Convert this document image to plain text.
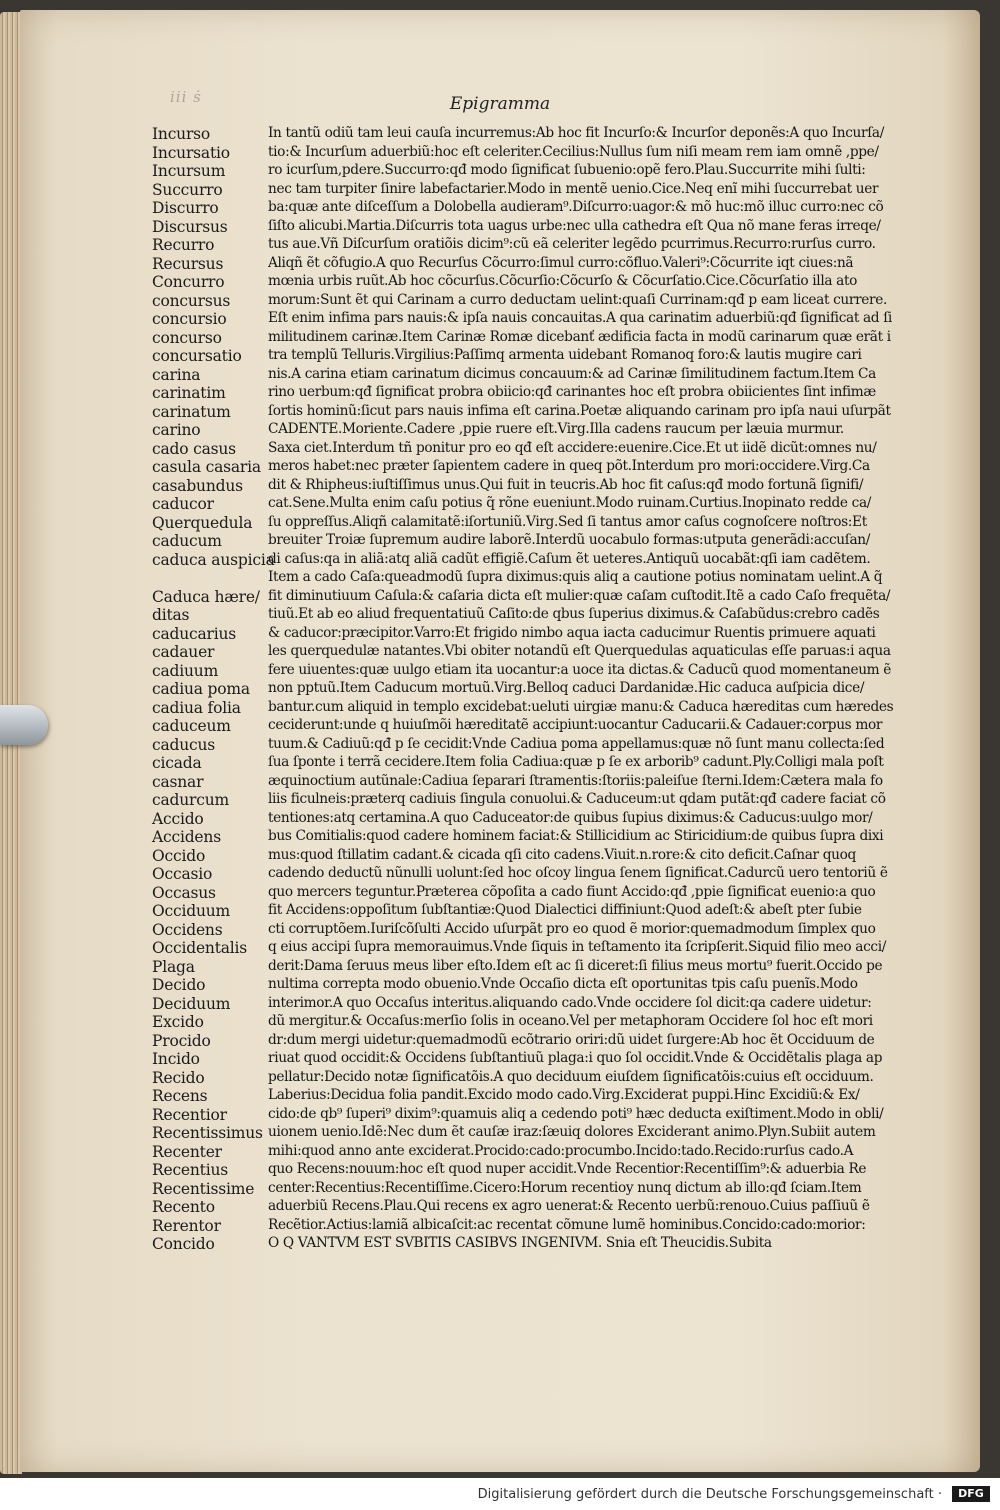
iii ṡ	Epigramma
Incurso
Incursatio
Incursum
Succurro
Discurro
Discursus
Recurro
Recursus
Concurro
concursus
concursio
concurso
concursatio
carina
carinatim
carinatum
carino
cado casus
casula casaria
casabundus
caducor
Querquedula
caducum
caduca auspicia

Caduca hære/
ditas
caducarius
cadauer
cadiuum
cadiua poma
cadiua folia
caduceum
caducus
cicada
casnar
cadurcum
Accido
Accidens
Occido
Occasio
Occasus
Occiduum
Occidens
Occidentalis
Plaga
Decido
Deciduum
Excido
Procido
Incido
Recido
Recens
Recentior
Recentissimus
Recenter
Recentius
Recentissime
Recento
Rerentor
Concido
In tantũ odiũ tam leui cauſa incurremus:Ab hoc fit Incurſo:& Incurſor deponẽs:A quo Incurſa/
tio:& Incurſum aduerbiũ:hoc eſt celeriter.Cecilius:Nullus ſum niſi meam rem iam omnẽ ,ppe/
ro icurſum,pdere.Succurro:qđ modo ſignificat ſubuenio:opẽ fero.Plau.Succurrite mihi ſulti:
nec tam turpiter ſinire labefactarier.Modo in mentẽ uenio.Cice.Neq enĩ mihi ſuccurrebat uer
ba:quæ ante diſceſſum a Dolobella audieram⁹.Diſcurro:uagor:& mõ huc:mõ illuc curro:nec cõ
ſiſto alicubi.Martia.Diſcurris tota uagus urbe:nec ulla cathedra eſt Qua nõ mane feras irreqe/
tus aue.Vñ Diſcurſum oratiõis dicim⁹:cũ eã celeriter legẽdo pcurrimus.Recurro:rurſus curro.
Aliqñ ẽt cõfugio.A quo Recurſus Cõcurro:ſimul curro:cõfluo.Valeri⁹:Cõcurrite iqt ciues:nã
mœnia urbis ruũt.Ab hoc cõcurſus.Cõcurſio:Cõcurſo & Cõcurſatio.Cice.Cõcurſatio illa ato
morum:Sunt ẽt qui Carinam a curro deductam uelint:quaſi Currinam:qđ p eam liceat currere.
Eſt enim infima pars nauis:& ipſa nauis concauitas.A qua carinatim aduerbiũ:qđ ſignificat ad ſi
militudinem carinæ.Item Carinæ Romæ dicebanť ædificia facta in modũ carinarum quæ erãt i
tra templũ Telluris.Virgilius:Paſſimq armenta uidebant Romanoq foro:& lautis mugire cari
nis.A carina etiam carinatum dicimus concauum:& ad Carinæ ſimilitudinem factum.Item Ca
rino uerbum:qđ ſignificat probra obiicio:qđ carinantes hoc eſt probra obiicientes ſint infimæ
ſortis hominũ:ſicut pars nauis infima eſt carina.Poetæ aliquando carinam pro ipſa naui uſurpãt
CADENTE.Moriente.Cadere ,ppie ruere eſt.Virg.Illa cadens raucum per læuia murmur.
Saxa ciet.Interdum tñ ponitur pro eo qđ eſt accidere:euenire.Cice.Et ut iidẽ dicũt:omnes nu/
meros habet:nec præter ſapientem cadere in queq põt.Interdum pro mori:occidere.Virg.Ca
dit & Rhipheus:iuſtiſſimus unus.Qui fuit in teucris.Ab hoc fit caſus:qđ modo fortunã ſignifi/
cat.Sene.Multa enim caſu potius q̃ rõne eueniunt.Modo ruinam.Curtius.Inopinato redde ca/
ſu oppreſſus.Aliqñ calamitatẽ:iſortuniũ.Virg.Sed ſi tantus amor caſus cognoſcere noſtros:Et
breuiter Troiæ ſupremum audire laborẽ.Interdũ uocabulo formas:utputa generãdi:accuſan/
di caſus:qa in aliã:atq aliã cadũt effigiẽ.Caſum ẽt ueteres.Antiquũ uocabãt:qſi iam cadẽtem.
Item a cado Caſa:queadmodũ ſupra diximus:quis aliq a cautione potius nominatam uelint.A q̃
fit diminutiuum Caſula:& caſaria dicta eſt mulier:quæ caſam cuſtodit.Itẽ a cado Caſo frequẽta/
tiuũ.Et ab eo aliud frequentatiuũ Caſito:de qbus ſuperius diximus.& Caſabũdus:crebro cadẽs
& caducor:præcipitor.Varro:Et frigido nimbo aqua iacta caducimur Ruentis primuere aquati
les querquedulæ natantes.Vbi obiter notandũ eſt Querquedulas aquaticulas eſſe paruas:i aqua
fere uiuentes:quæ uulgo etiam ita uocantur:a uoce ita dictas.& Caducũ quod momentaneum ẽ
non pptuũ.Item Caducum mortuũ.Virg.Belloq caduci Dardanidæ.Hic caduca auſpicia dice/
bantur.cum aliquid in templo excidebat:ueluti uirgiæ manu:& Caduca hæreditas cum hæredes
ceciderunt:unde q huiuſmõi hæreditatẽ accipiunt:uocantur Caducarii.& Cadauer:corpus mor
tuum.& Cadiuũ:qđ p ſe cecidit:Vnde Cadiua poma appellamus:quæ nõ ſunt manu collecta:ſed
ſua ſponte i terrã cecidere.Item folia Cadiua:quæ p ſe ex arborib⁹ cadunt.Ply.Colligi mala poſt
æquinoctium autũnale:Cadiua ſeparari ſtramentis:ſtoriis:paleiſue ſterni.Idem:Cætera mala fo
liis ficulneis:præterq cadiuis ſingula conuolui.& Caduceum:ut qdam putãt:qđ cadere faciat cõ
tentiones:atq certamina.A quo Caduceator:de quibus ſupius diximus:& Caducus:uulgo mor/
bus Comitialis:quod cadere hominem faciat:& Stillicidium ac Stiricidium:de quibus ſupra dixi
mus:quod ſtillatim cadant.& cicada qſi cito cadens.Viuit.n.rore:& cito deficit.Caſnar quoq
cadendo deductũ nũnulli uolunt:ſed hoc oſcoy lingua ſenem ſignificat.Cadurcũ uero tentoriũ ẽ
quo mercers teguntur.Præterea cõpoſita a cado fiunt Accido:qđ ,ppie ſignificat euenio:a quo
fit Accidens:oppoſitum ſubſtantiæ:Quod Dialectici diffiniunt:Quod adeſt:& abeſt pter ſubie
cti corruptõem.Iuriſcõſulti Accido uſurpãt pro eo quod ẽ morior:quemadmodum ſimplex quo
q eius accipi ſupra memorauimus.Vnde ſiquis in teſtamento ita ſcripſerit.Siquid filio meo acci/
derit:Dama ſeruus meus liber eſto.Idem eſt ac ſi diceret:ſi filius meus mortu⁹ fuerit.Occido pe
nultima correpta modo obuenio.Vnde Occaſio dicta eſt oportunitas tpis caſu puenĩs.Modo
interimor.A quo Occaſus interitus.aliquando cado.Vnde occidere ſol dicit:qa cadere uidetur:
dũ mergitur.& Occaſus:merſio ſolis in oceano.Vel per metaphoram Occidere ſol hoc eſt mori
dr:dum mergi uidetur:quemadmodũ ecõtrario oriri:dũ uidet ſurgere:Ab hoc ẽt Occiduum de
riuat quod occidit:& Occidens ſubſtantiuũ plaga:i quo ſol occidit.Vnde & Occidẽtalis plaga ap
pellatur:Decido notæ ſignificatõis.A quo deciduum eiuſdem ſignificatõis:cuius eſt occiduum.
Laberius:Decidua folia pandit.Excido modo cado.Virg.Exciderat puppi.Hinc Excidiũ:& Ex/
cido:de qb⁹ ſuperi⁹ dixim⁹:quamuis aliq a cedendo poti⁹ hæc deducta exiſtiment.Modo in obli/
uionem uenio.Idẽ:Nec dum ẽt cauſæ iraz:ſæuiq dolores Exciderant animo.Plyn.Subiit autem
mihi:quod anno ante exciderat.Procido:cado:procumbo.Incido:tado.Recido:rurſus cado.A
quo Recens:nouum:hoc eſt quod nuper accidit.Vnde Recentior:Recentiſſim⁹:& aduerbia Re
center:Recentius:Recentiſſime.Cicero:Horum recentioy nunq dictum ab illo:qđ ſciam.Item
aduerbiũ Recens.Plau.Qui recens ex agro uenerat:& Recento uerbũ:renouo.Cuius paſſiuũ ẽ
Recẽtior.Actius:lamiã albicaſcit:ac recentat cõmune lumẽ hominibus.Concido:cado:morior:
O Q VANTVM EST SVBITIS CASIBVS INGENIVM. Snia eſt Theucidis.Subita
Digitalisierung gefördert durch die Deutsche Forschungsgemeinschaft ·	DFG
